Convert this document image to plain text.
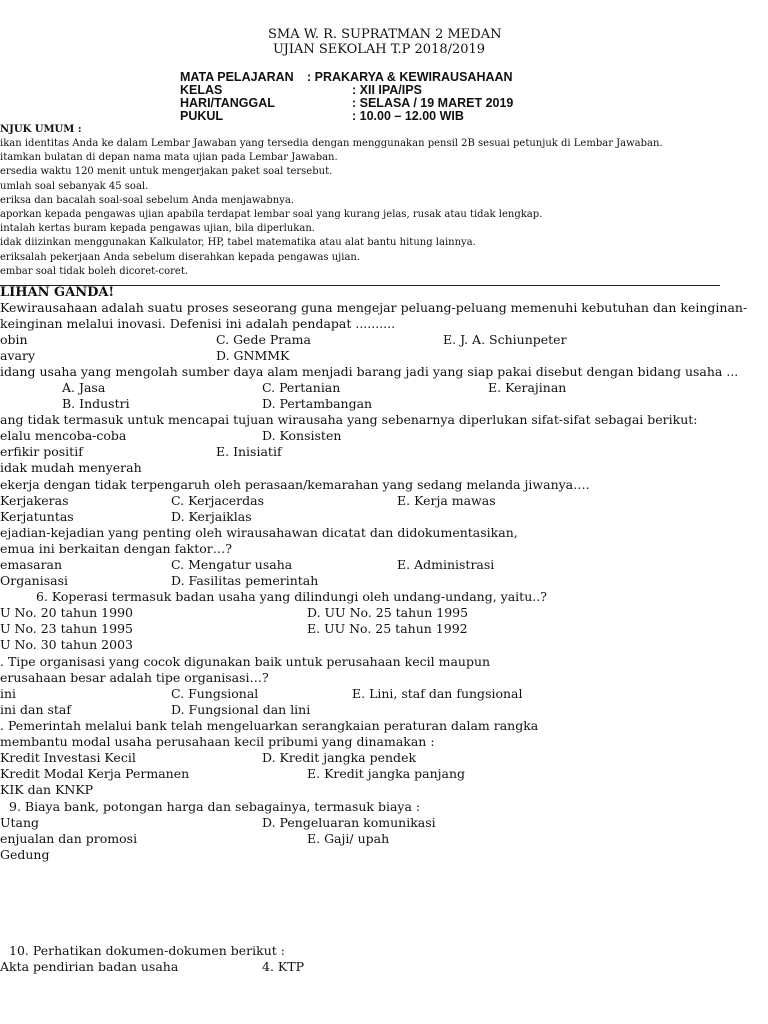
SMA W. R. SUPRATMAN 2 MEDAN
UJIAN SEKOLAH T.P 2018/2019
MATA PELAJARAN : PRAKARYA & KEWIRAUSAHAAN
KELAS	: XII IPA/IPS
HARI/TANGGAL	: SELASA / 19 MARET 2019
PUKUL	: 10.00 – 12.00 WIB
NJUK UMUM :
ikan identitas Anda ke dalam Lembar Jawaban yang tersedia dengan menggunakan pensil 2B sesuai petunjuk di Lembar Jawaban.
itamkan bulatan di depan nama mata ujian pada Lembar Jawaban.
ersedia waktu 120 menit untuk mengerjakan paket soal tersebut.
umlah soal sebanyak 45 soal.
eriksa dan bacalah soal-soal sebelum Anda menjawabnya.
aporkan kepada pengawas ujian apabila terdapat lembar soal yang kurang jelas, rusak atau tidak lengkap.
intalah kertas buram kepada pengawas ujian, bila diperlukan.
idak diizinkan menggunakan Kalkulator, HP, tabel matematika atau alat bantu hitung lainnya.
eriksalah pekerjaan Anda sebelum diserahkan kepada pengawas ujian.
embar soal tidak boleh dicoret-coret.
LIHAN GANDA!
Kewirausahaan adalah suatu proses seseorang guna mengejar peluang-peluang memenuhi kebutuhan dan keinginan-
keinginan melalui inovasi. Defenisi ini adalah pendapat ..........
obin	C. Gede Prama	E. J. A. Schiunpeter
avary	D. GNMMK
idang usaha yang mengolah sumber daya alam menjadi barang jadi yang siap pakai disebut dengan bidang usaha ...
A. Jasa	C. Pertanian	E. Kerajinan
B. Industri	D. Pertambangan
ang tidak termasuk untuk mencapai tujuan wirausaha yang sebenarnya diperlukan sifat-sifat sebagai berikut:
elalu mencoba-coba	D. Konsisten
erfikir positif	E. Inisiatif
idak mudah menyerah
ekerja dengan tidak terpengaruh oleh perasaan/kemarahan yang sedang melanda jiwanya….
Kerjakeras	C. Kerjacerdas	E. Kerja mawas
Kerjatuntas	D. Kerjaiklas
ejadian-kejadian yang penting oleh wirausahawan dicatat dan didokumentasikan,
emua ini berkaitan dengan faktor…?
emasaran	C. Mengatur usaha	E. Administrasi
Organisasi	D. Fasilitas pemerintah
6. Koperasi termasuk badan usaha yang dilindungi oleh undang-undang, yaitu..?
U No. 20 tahun 1990	D. UU No. 25 tahun 1995
U No. 23 tahun 1995	E. UU No. 25 tahun 1992
U No. 30 tahun 2003
. Tipe organisasi yang cocok digunakan baik untuk perusahaan kecil maupun
erusahaan besar adalah tipe organisasi…?
ini	C. Fungsional	E. Lini, staf dan fungsional
ini dan staf	D. Fungsional dan lini
. Pemerintah melalui bank telah mengeluarkan serangkaian peraturan dalam rangka
membantu modal usaha perusahaan kecil pribumi yang dinamakan :
Kredit Investasi Kecil	D. Kredit jangka pendek
Kredit Modal Kerja Permanen	E. Kredit jangka panjang
KIK dan KNKP
9. Biaya bank, potongan harga dan sebagainya, termasuk biaya :
Utang	D. Pengeluaran komunikasi
enjualan dan promosi	E. Gaji/ upah
Gedung
10. Perhatikan dokumen-dokumen berikut :
Akta pendirian badan usaha	4. KTP
